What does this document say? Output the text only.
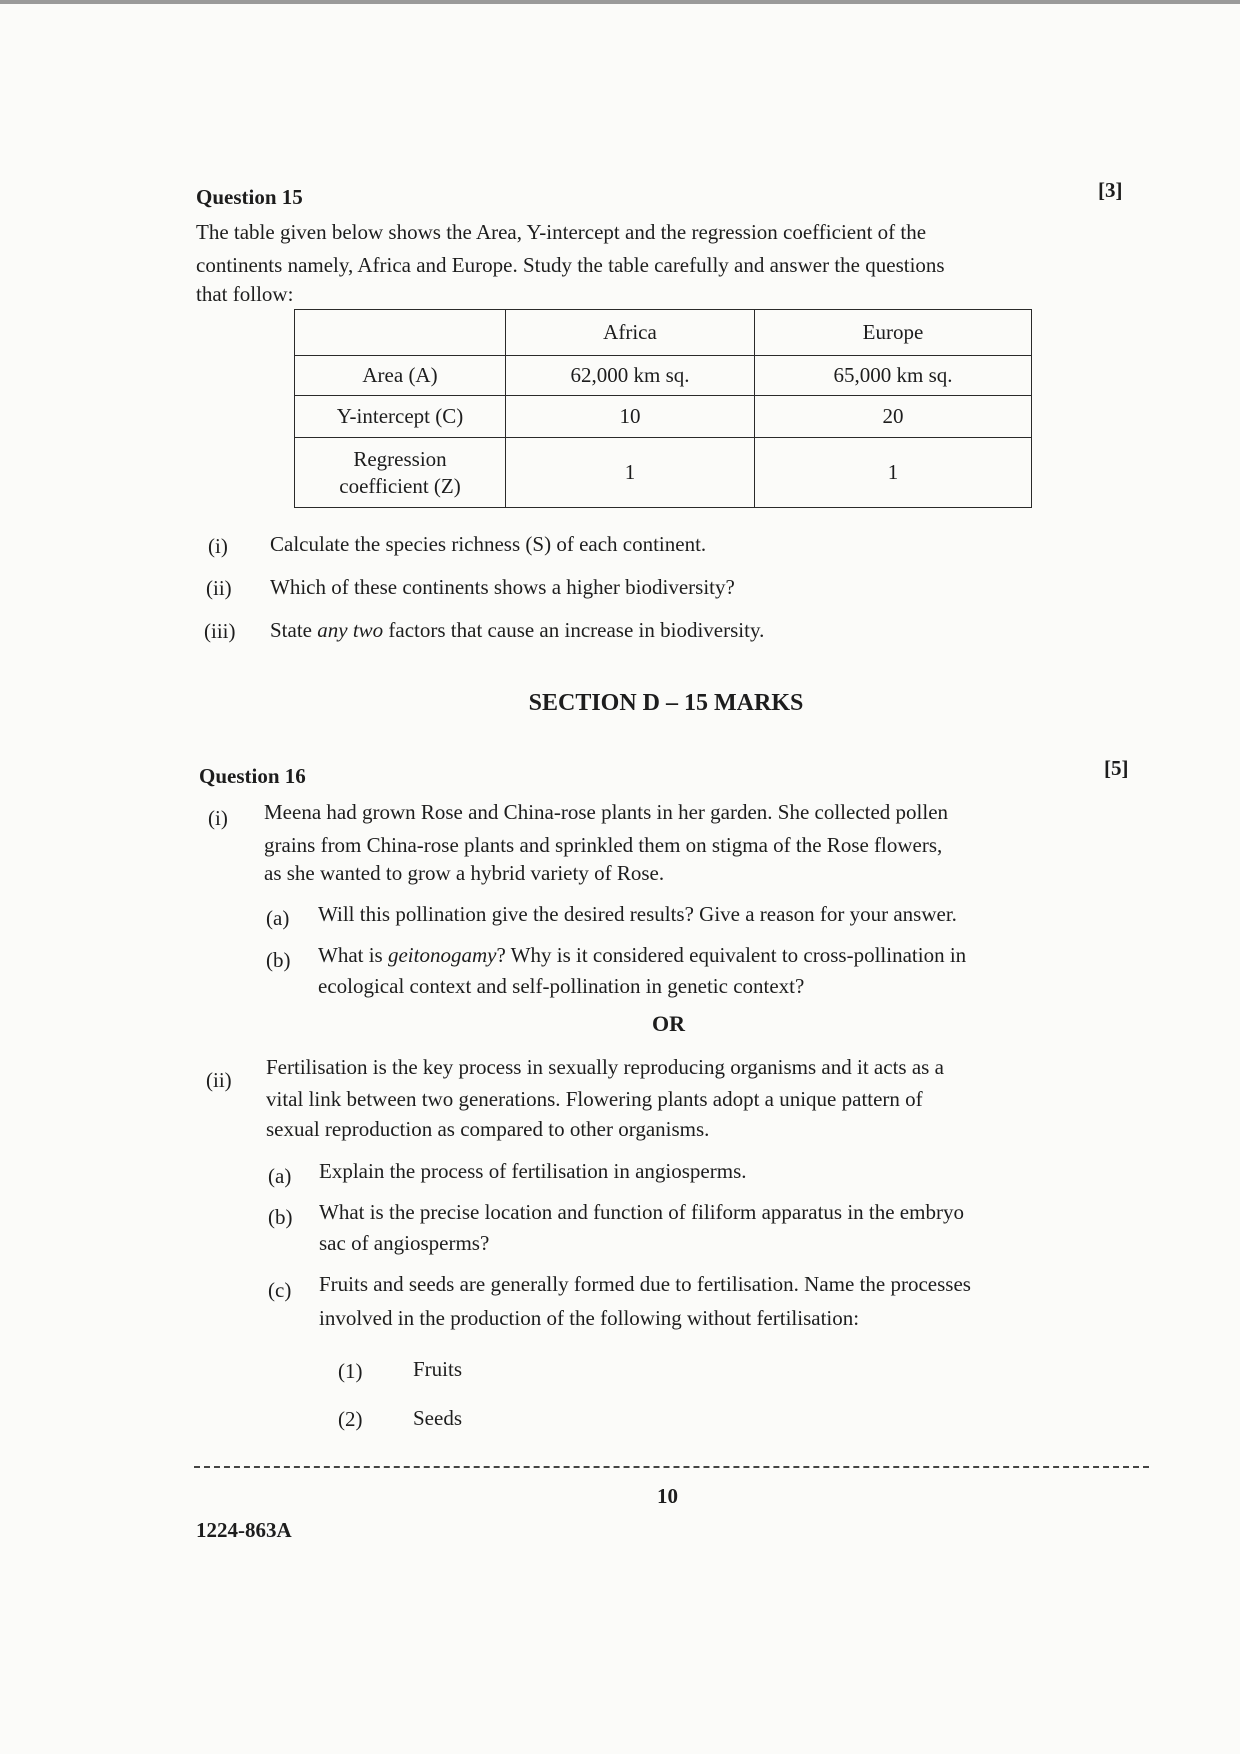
Question 15	[3]
The table given below shows the Area, Y-intercept and the regression coefficient of the
continents namely, Africa and Europe. Study the table carefully and answer the questions
that follow:
	Africa	Europe
Area (A)	62,000 km sq.	65,000 km sq.
Y-intercept (C)	10	20
Regression
coefficient (Z)	1	1
(i) Calculate the species richness (S) of each continent.
(ii) Which of these continents shows a higher biodiversity?
(iii) State any two factors that cause an increase in biodiversity.
SECTION D – 15 MARKS
Question 16	[5]
(i) Meena had grown Rose and China-rose plants in her garden. She collected pollen
grains from China-rose plants and sprinkled them on stigma of the Rose flowers,
as she wanted to grow a hybrid variety of Rose.
(a) Will this pollination give the desired results? Give a reason for your answer.
(b) What is geitonogamy? Why is it considered equivalent to cross-pollination in
ecological context and self-pollination in genetic context?
OR
(ii)
Fertilisation is the key process in sexually reproducing organisms and it acts as a
vital link between two generations. Flowering plants adopt a unique pattern of
sexual reproduction as compared to other organisms.
(a) Explain the process of fertilisation in angiosperms.
(b) What is the precise location and function of filiform apparatus in the embryo
sac of angiosperms?
(c) Fruits and seeds are generally formed due to fertilisation. Name the processes
involved in the production of the following without fertilisation:
(1) Fruits
(2) Seeds
10
1224-863A
